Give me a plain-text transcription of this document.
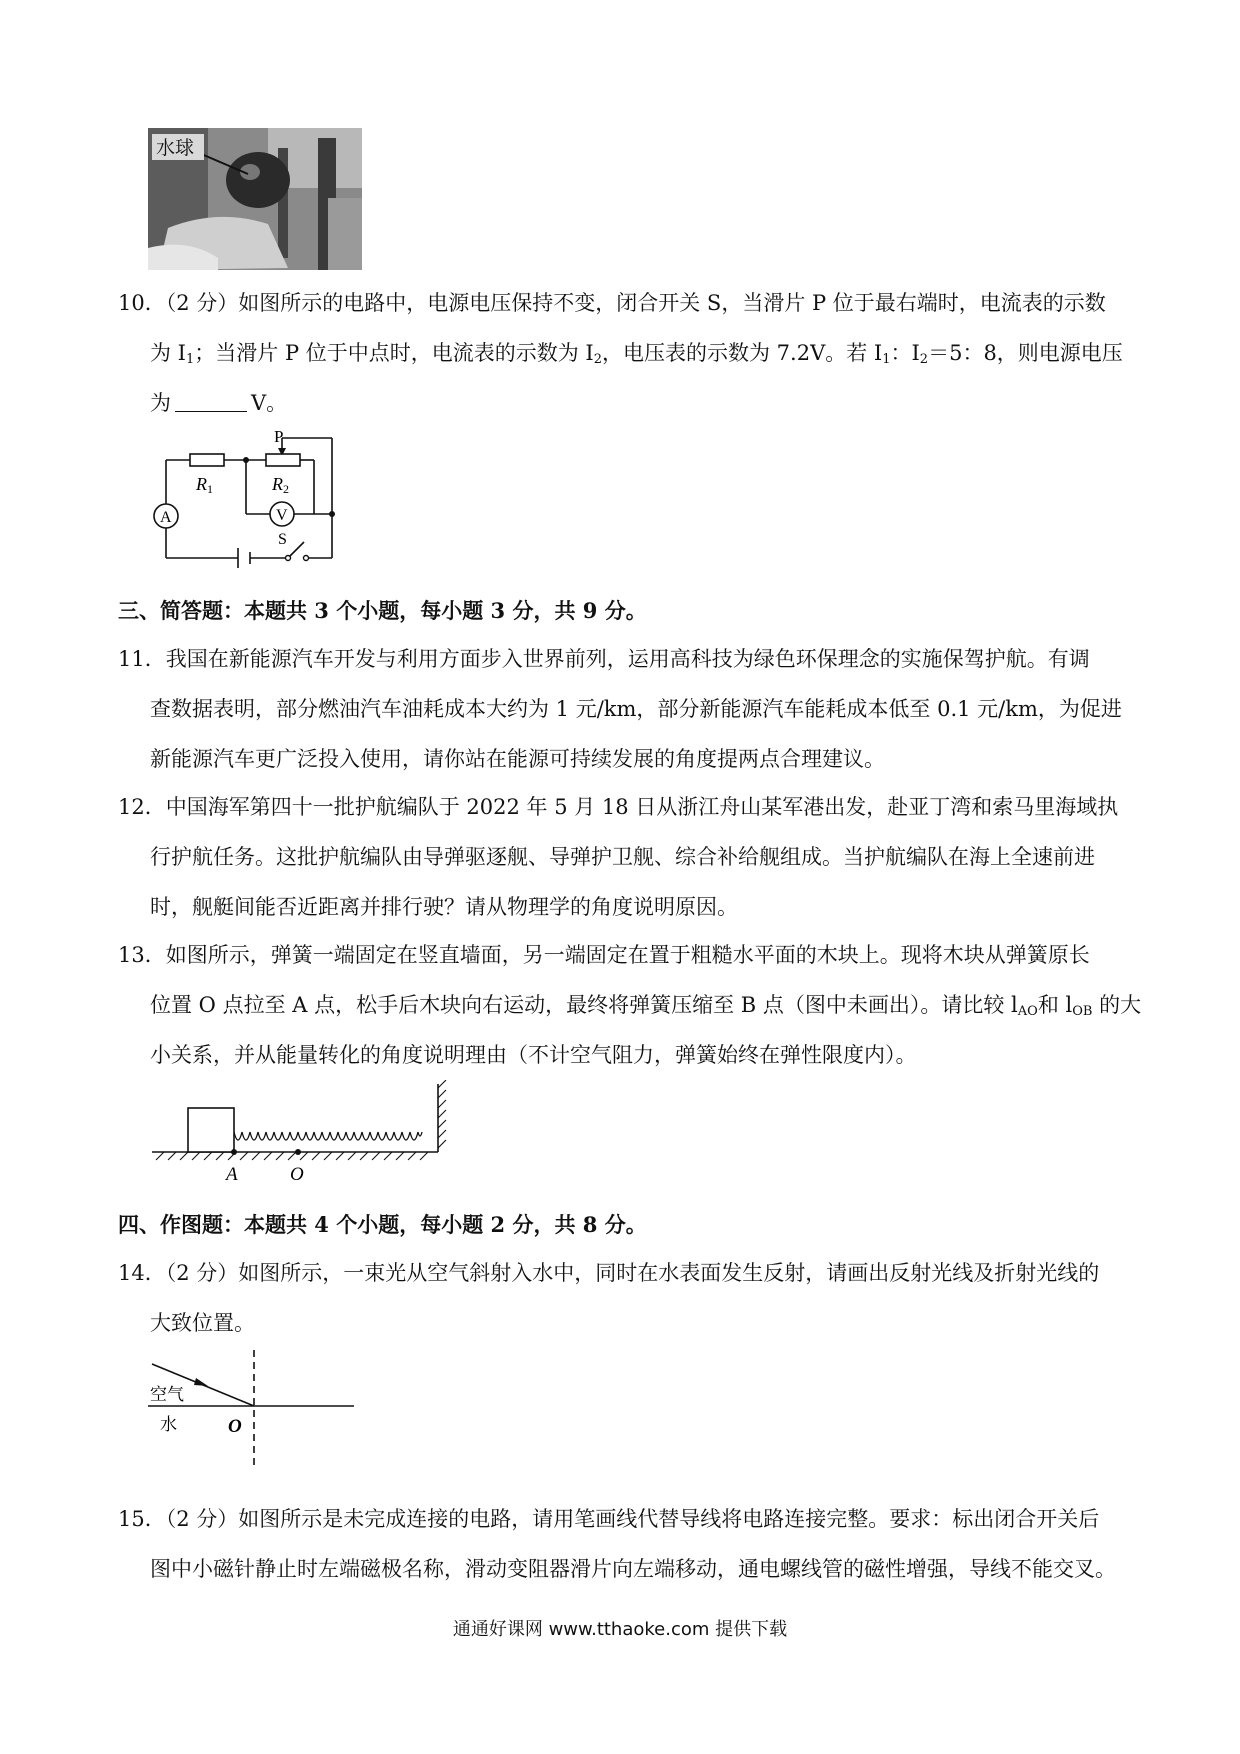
水球
10．（2 分）如图所示的电路中，电源电压保持不变，闭合开关 S，当滑片 P 位于最右端时，电流表的示数
为 $I_1$；当滑片 P 位于中点时，电流表的示数为 $I_2$，电压表的示数为 7.2V。若 $I_1$：$I_2=5$：8，则电源电压
为	V。
A	V
R1	R2
P
S
三、简答题：本题共 3 个小题，每小题 3 分，共 9 分。
11．我国在新能源汽车开发与利用方面步入世界前列，运用高科技为绿色环保理念的实施保驾护航。有调
查数据表明，部分燃油汽车油耗成本大约为 1 元/km，部分新能源汽车能耗成本低至 0.1 元/km，为促进
新能源汽车更广泛投入使用，请你站在能源可持续发展的角度提两点合理建议。
12．中国海军第四十一批护航编队于 2022 年 5 月 18 日从浙江舟山某军港出发，赴亚丁湾和索马里海域执
行护航任务。这批护航编队由导弹驱逐舰、导弹护卫舰、综合补给舰组成。当护航编队在海上全速前进
时，舰艇间能否近距离并排行驶？请从物理学的角度说明原因。
13．如图所示，弹簧一端固定在竖直墙面，另一端固定在置于粗糙水平面的木块上。现将木块从弹簧原长
位置 O 点拉至 A 点，松手后木块向右运动，最终将弹簧压缩至 B 点（图中未画出）。请比较 $l_{AO}$和 $l_{OB}$ 的大
小关系，并从能量转化的角度说明理由（不计空气阻力，弹簧始终在弹性限度内）。
A	O
四、作图题：本题共 4 个小题，每小题 2 分，共 8 分。
14．（2 分）如图所示，一束光从空气斜射入水中，同时在水表面发生反射，请画出反射光线及折射光线的
大致位置。
空气
水	O
15．（2 分）如图所示是未完成连接的电路，请用笔画线代替导线将电路连接完整。要求：标出闭合开关后
图中小磁针静止时左端磁极名称，滑动变阻器滑片向左端移动，通电螺线管的磁性增强，导线不能交叉。
通通好课网 www.tthaoke.com 提供下载
